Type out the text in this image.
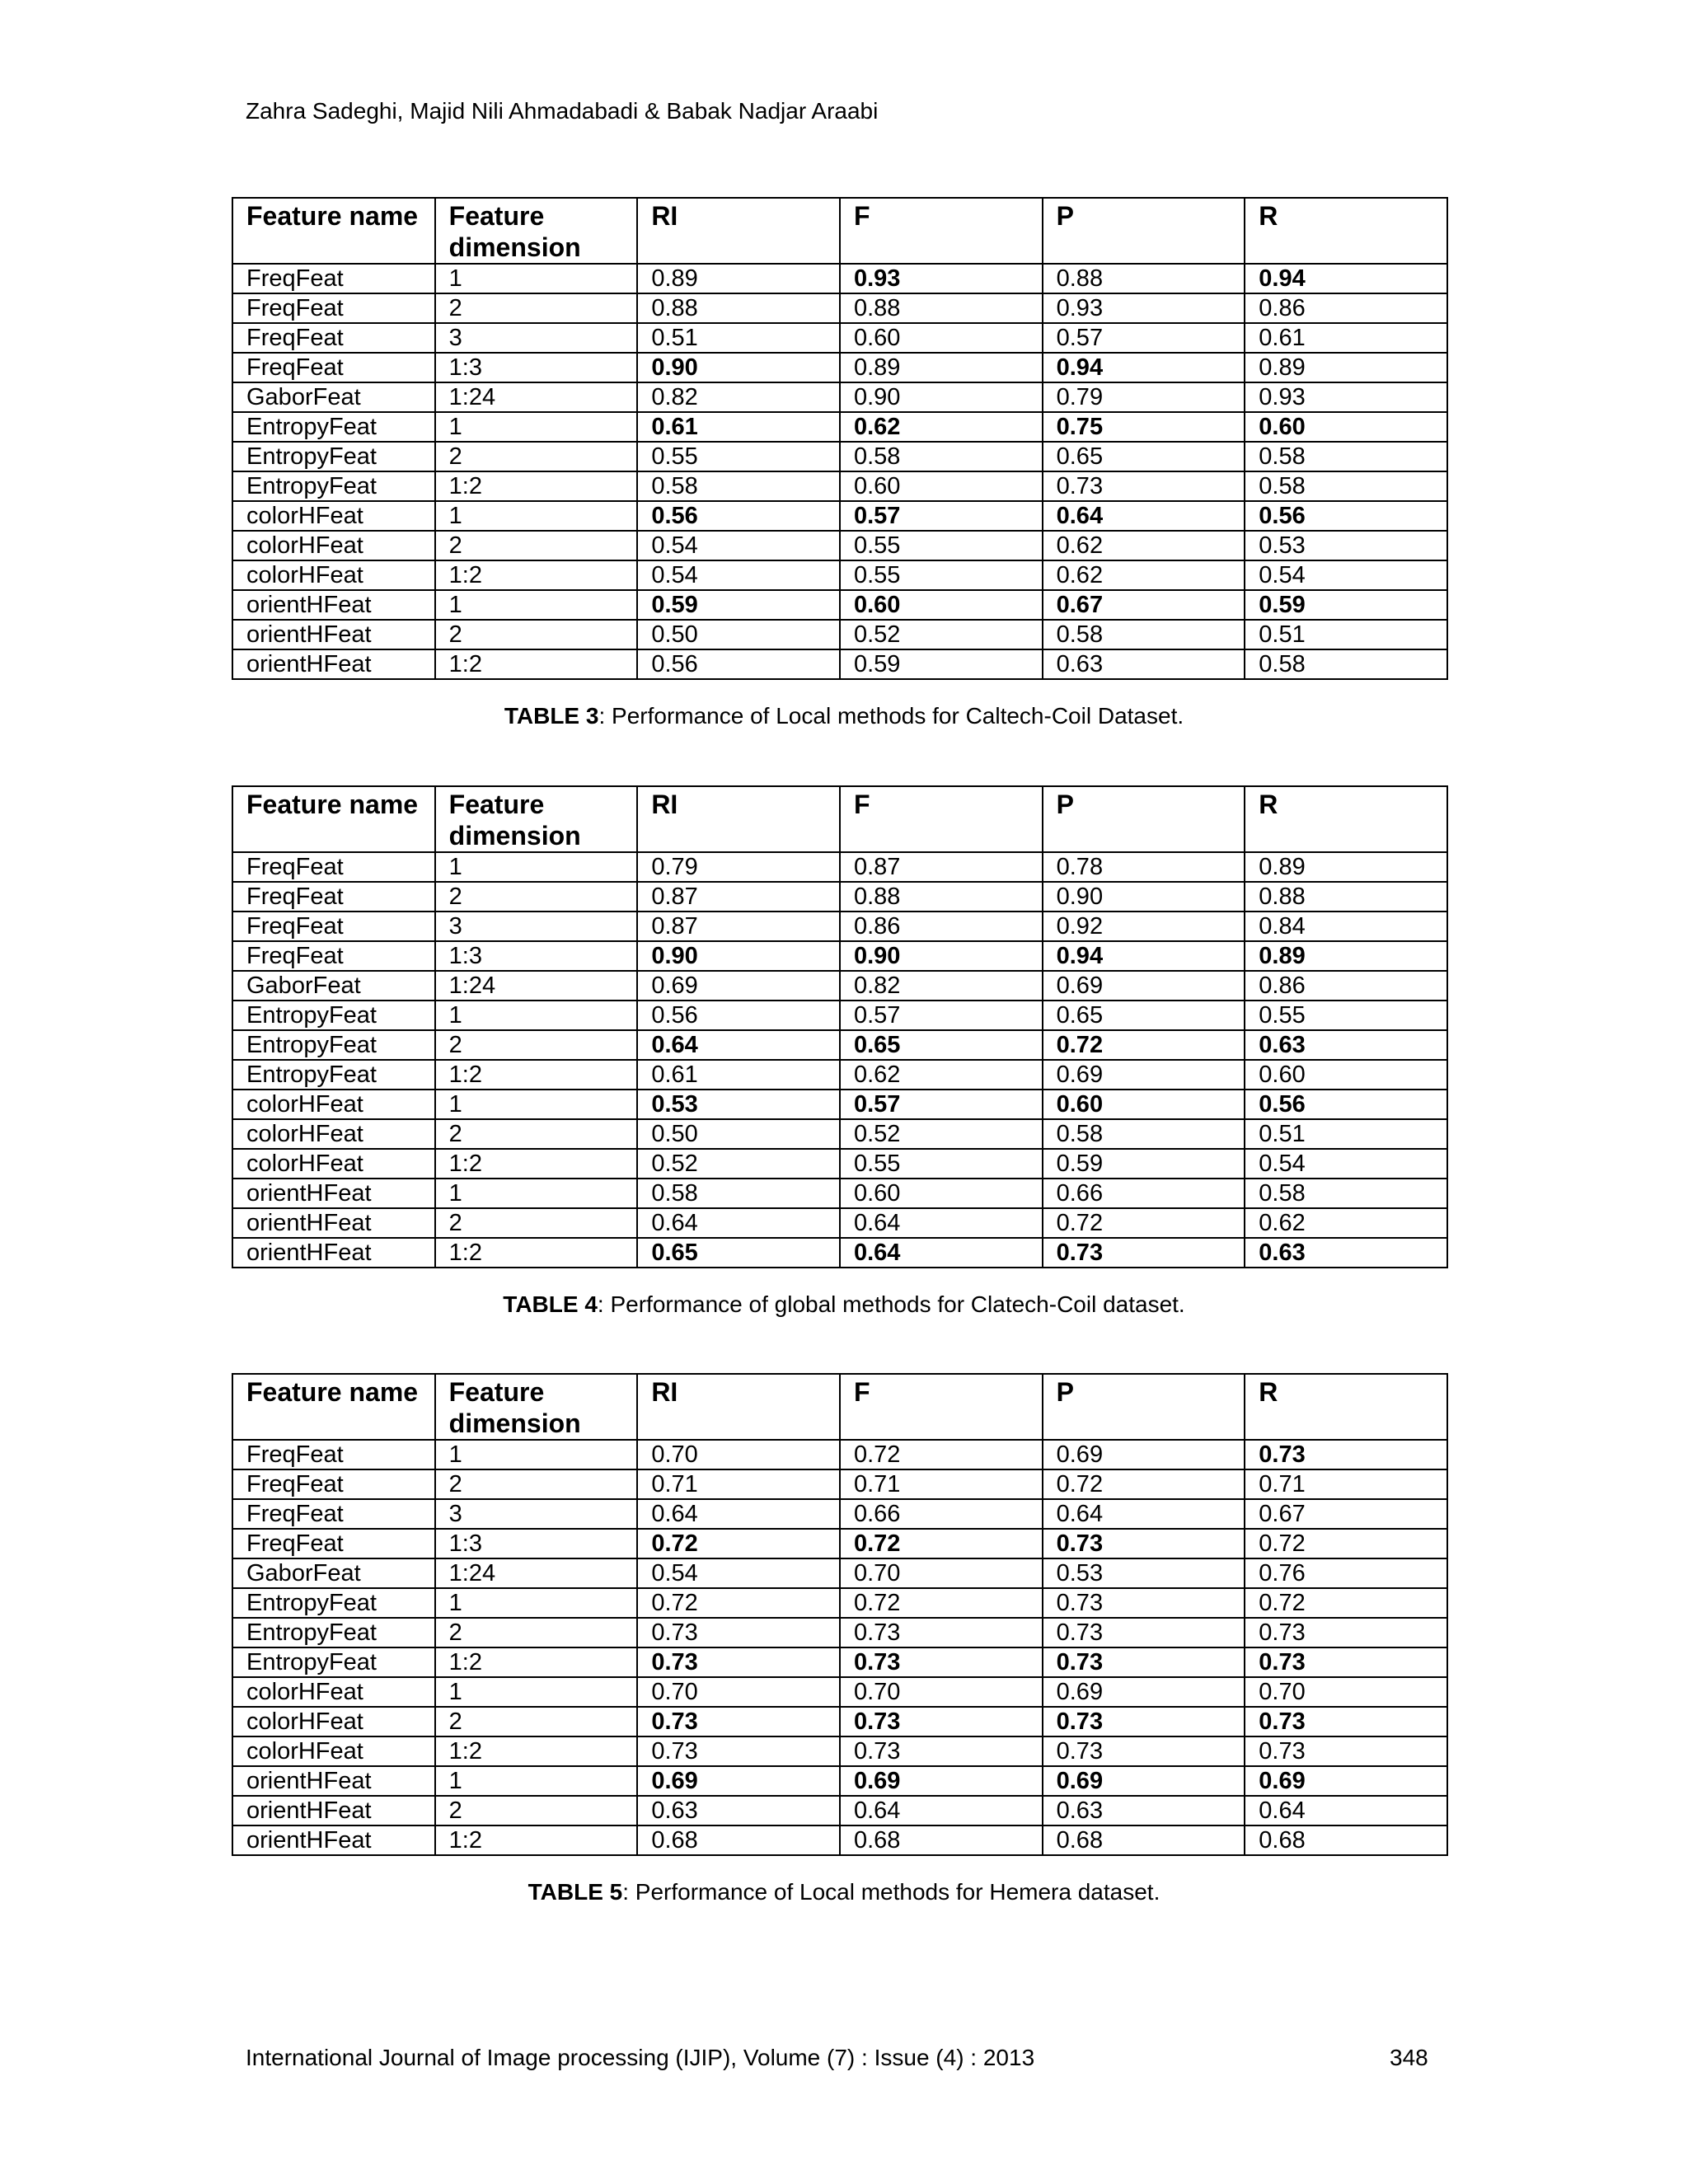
Zahra Sadeghi, Majid Nili Ahmadabadi & Babak Nadjar Araabi
Feature name	Feature dimension	RI	F	P	R
FreqFeat	1	0.89	0.93	0.88	0.94
FreqFeat	2	0.88	0.88	0.93	0.86
FreqFeat	3	0.51	0.60	0.57	0.61
FreqFeat	1:3	0.90	0.89	0.94	0.89
GaborFeat	1:24	0.82	0.90	0.79	0.93
EntropyFeat	1	0.61	0.62	0.75	0.60
EntropyFeat	2	0.55	0.58	0.65	0.58
EntropyFeat	1:2	0.58	0.60	0.73	0.58
colorHFeat	1	0.56	0.57	0.64	0.56
colorHFeat	2	0.54	0.55	0.62	0.53
colorHFeat	1:2	0.54	0.55	0.62	0.54
orientHFeat	1	0.59	0.60	0.67	0.59
orientHFeat	2	0.50	0.52	0.58	0.51
orientHFeat	1:2	0.56	0.59	0.63	0.58
TABLE 3: Performance of Local methods for Caltech-Coil Dataset.
Feature name	Feature dimension	RI	F	P	R
FreqFeat	1	0.79	0.87	0.78	0.89
FreqFeat	2	0.87	0.88	0.90	0.88
FreqFeat	3	0.87	0.86	0.92	0.84
FreqFeat	1:3	0.90	0.90	0.94	0.89
GaborFeat	1:24	0.69	0.82	0.69	0.86
EntropyFeat	1	0.56	0.57	0.65	0.55
EntropyFeat	2	0.64	0.65	0.72	0.63
EntropyFeat	1:2	0.61	0.62	0.69	0.60
colorHFeat	1	0.53	0.57	0.60	0.56
colorHFeat	2	0.50	0.52	0.58	0.51
colorHFeat	1:2	0.52	0.55	0.59	0.54
orientHFeat	1	0.58	0.60	0.66	0.58
orientHFeat	2	0.64	0.64	0.72	0.62
orientHFeat	1:2	0.65	0.64	0.73	0.63
TABLE 4: Performance of global methods for Clatech-Coil dataset.
Feature name	Feature dimension	RI	F	P	R
FreqFeat	1	0.70	0.72	0.69	0.73
FreqFeat	2	0.71	0.71	0.72	0.71
FreqFeat	3	0.64	0.66	0.64	0.67
FreqFeat	1:3	0.72	0.72	0.73	0.72
GaborFeat	1:24	0.54	0.70	0.53	0.76
EntropyFeat	1	0.72	0.72	0.73	0.72
EntropyFeat	2	0.73	0.73	0.73	0.73
EntropyFeat	1:2	0.73	0.73	0.73	0.73
colorHFeat	1	0.70	0.70	0.69	0.70
colorHFeat	2	0.73	0.73	0.73	0.73
colorHFeat	1:2	0.73	0.73	0.73	0.73
orientHFeat	1	0.69	0.69	0.69	0.69
orientHFeat	2	0.63	0.64	0.63	0.64
orientHFeat	1:2	0.68	0.68	0.68	0.68
TABLE 5: Performance of Local methods for Hemera dataset.
International Journal of Image processing (IJIP), Volume (7) : Issue (4) : 2013	348
